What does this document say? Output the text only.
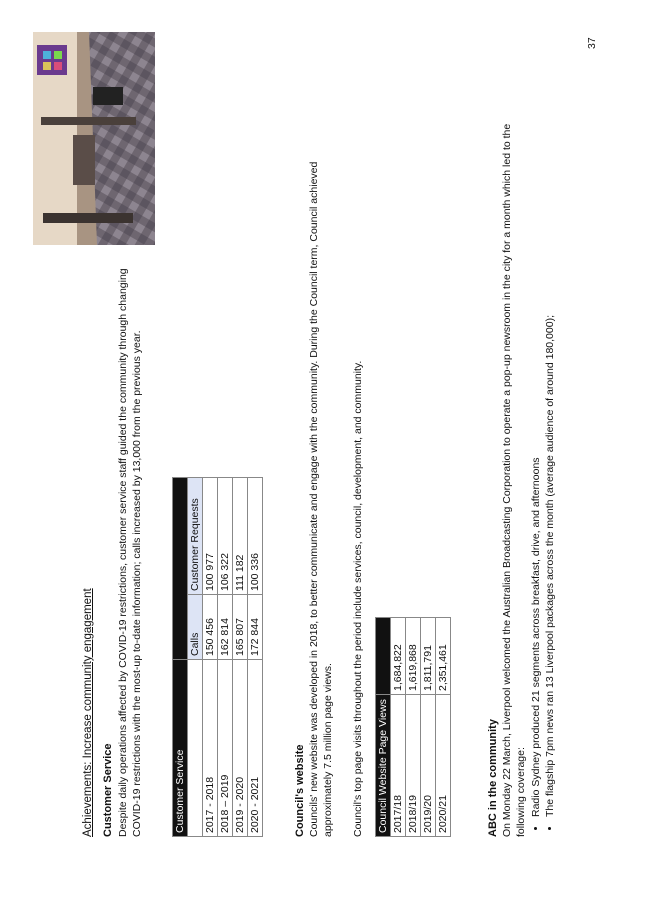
Achievements: Increase community engagement Customer Service Despite daily operations affected by COVID-19 restrictions, customer service staff guided the community through changing COVID-19 restrictions with the most-up to-date information; calls increased by 13,000 from the previous year.	Customer Service		
	Calls	Customer Requests
2017 - 2018	150 456	100 977
2018 – 2019	162 814	106 322
2019 - 2020	165 807	111 182
2020 - 2021	172 844	100 336
Council's website Councils' new website was developed in 2018, to better communicate and engage with the community. During the Council term, Council achieved approximately 7.5 million page views. Council's top page visits throughout the period include services, council, development, and community. Council Website Page Views	
2017/18	1,684,822
2018/19	1,619,868
2019/20	1,811,791
2020/21	2,351,461
ABC in the community On Monday 22 March, Liverpool welcomed the Australian Broadcasting Corporation to operate a pop-up newsroom in the city for a month which led to the following coverage: • Radio Sydney produced 21 segments across breakfast, drive, and afternoons • The flagship 7pm news ran 13 Liverpool packages across the month (average audience of around 180,000);
37
